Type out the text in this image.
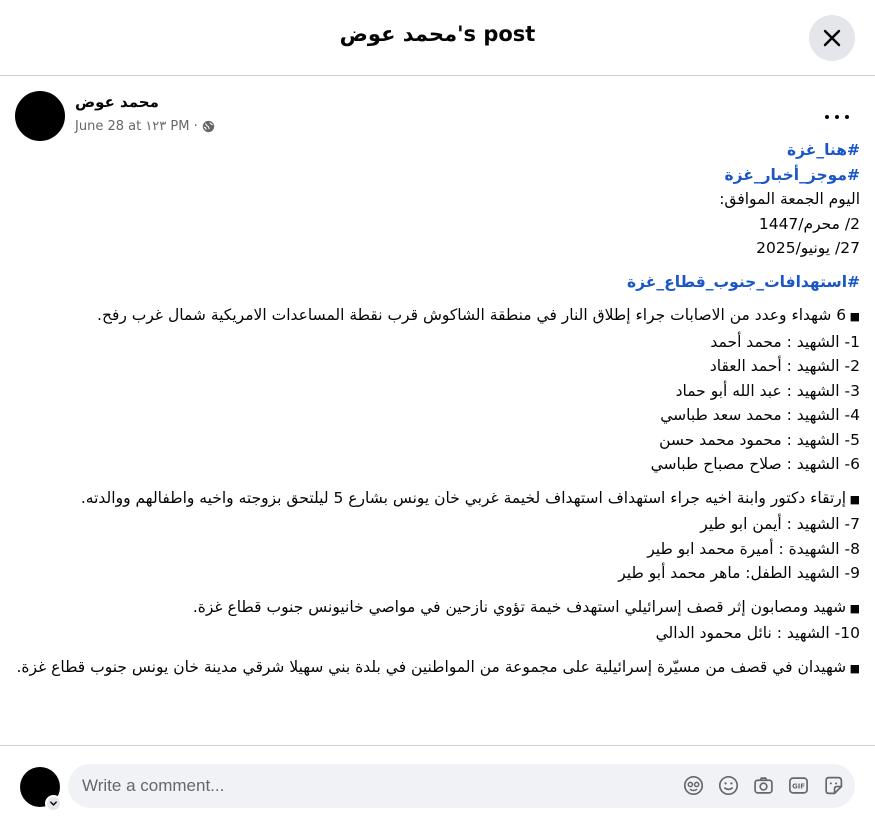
محمد عوض's post
محمد عوض
June 28 at ١٢٣ PM ·
#هنا_غزة
#موجز_أخبار_غزة
اليوم الجمعة الموافق:
2/ محرم/1447
27/ يونيو/2025
#استهدافات_جنوب_قطاع_غزة
■ 6 شهداء وعدد من الاصابات جراء إطلاق النار في منطقة الشاكوش قرب نقطة المساعدات الامريكية شمال غرب رفح.
1- الشهيد : محمد أحمد
2- الشهيد : أحمد العقاد
3- الشهيد : عبد الله أبو حماد
4- الشهيد : محمد سعد طباسي
5- الشهيد : محمود محمد حسن
6- الشهيد : صلاح مصباح طباسي
■ إرتقاء دكتور وابنة اخيه جراء استهداف استهداف لخيمة غربي خان يونس بشارع 5 ليلتحق بزوجته واخيه واطفالهم ووالدته.
7- الشهيد : أيمن ابو طير
8- الشهيدة : أميرة محمد ابو طير
9- الشهيد الطفل: ماهر محمد أبو طير
■ شهيد ومصابون إثر قصف إسرائيلي استهدف خيمة تؤوي نازحين في مواصي خانيونس جنوب قطاع غزة.
10- الشهيد : نائل محمود الدالي
■ شهيدان في قصف من مسيّرة إسرائيلية على مجموعة من المواطنين في بلدة بني سهيلا شرقي مدينة خان يونس جنوب قطاع غزة.
Write a comment...
GIF
